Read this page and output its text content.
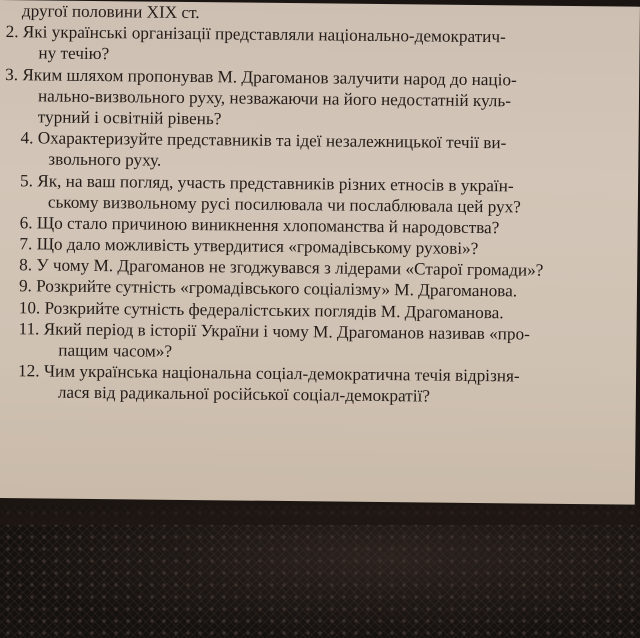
другої половини XIX ст.
2. Які українські організації представляли національно-демократич-
ну течію?
3. Яким шляхом пропонував М. Драгоманов залучити народ до націо-
нально-визвольного руху, незважаючи на його недостатній куль-
турний і освітній рівень?
4. Охарактеризуйте представників та ідеї незалежницької течії ви-
звольного руху.
5. Як, на ваш погляд, участь представників різних етносів в україн-
ському визвольному русі посилювала чи послаблювала цей рух?
6. Що стало причиною виникнення хлопоманства й народовства?
7. Що дало можливість утвердитися «громадівському руховi»?
8. У чому М. Драгоманов не згоджувався з лідерами «Старої громади»?
9. Розкрийте сутність «громадівського соціалізму» М. Драгоманова.
10. Розкрийте сутність федералістських поглядів М. Драгоманова.
11. Який період в історії України і чому М. Драгоманов називав «про-
пащим часом»?
12. Чим українська національна соціал-демократична течія відрізня-
лася від радикальної російської соціал-демократії?
